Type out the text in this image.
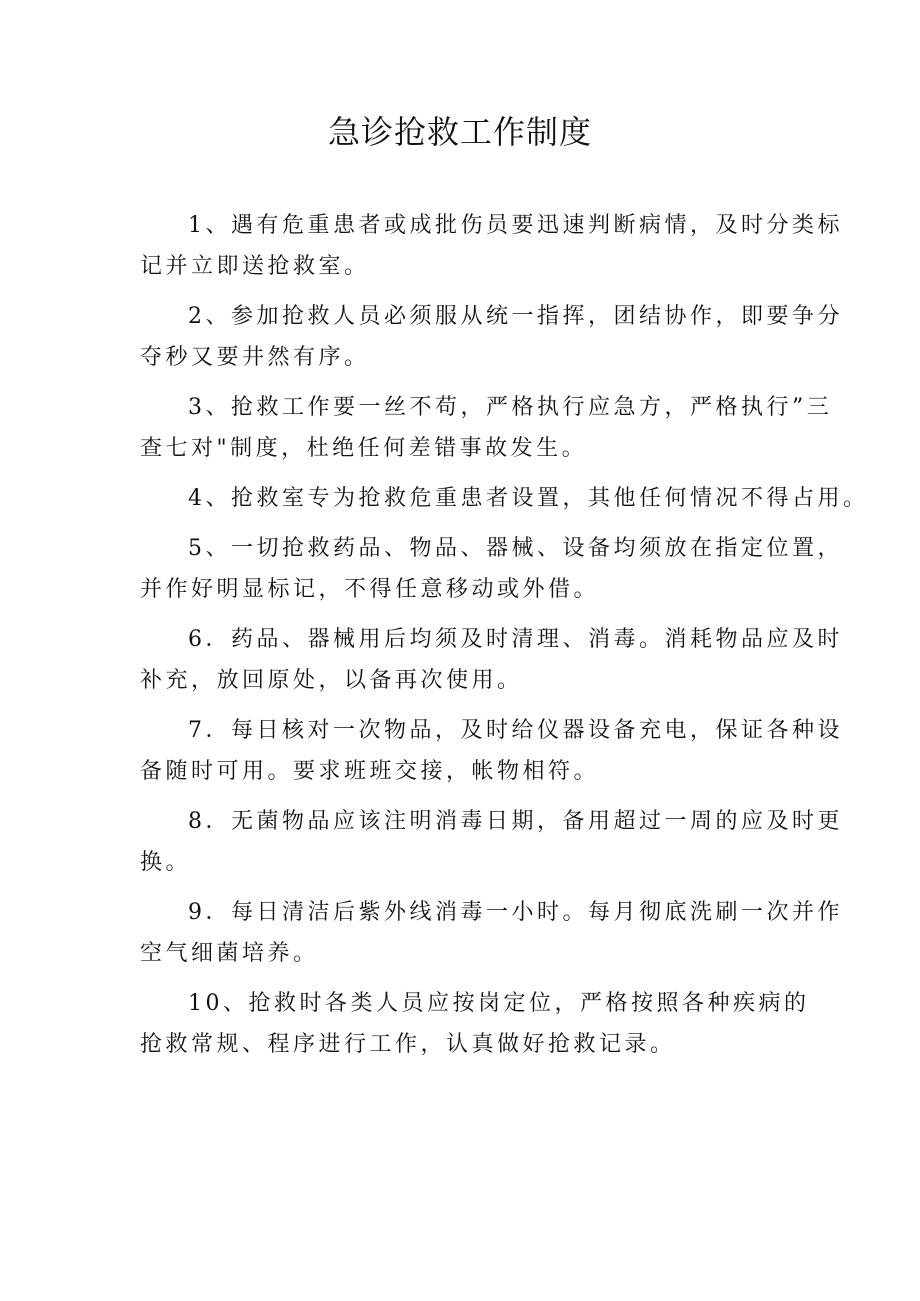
急诊抢救工作制度

1、遇有危重患者或成批伤员要迅速判断病情，及时分类标
记并立即送抢救室。

2、参加抢救人员必须服从统一指挥，团结协作，即要争分
夺秒又要井然有序。

3、抢救工作要一丝不苟，严格执行应急方，严格执行”三
查七对"制度，杜绝任何差错事故发生。

4、抢救室专为抢救危重患者设置，其他任何情况不得占用。

5、一切抢救药品、物品、器械、设备均须放在指定位置，
并作好明显标记，不得任意移动或外借。

6．药品、器械用后均须及时清理、消毒。消耗物品应及时
补充，放回原处，以备再次使用。

7．每日核对一次物品，及时给仪器设备充电，保证各种设
备随时可用。要求班班交接，帐物相符。

8．无菌物品应该注明消毒日期，备用超过一周的应及时更
换。

9．每日清洁后紫外线消毒一小时。每月彻底洗刷一次并作
空气细菌培养。

10、抢救时各类人员应按岗定位，严格按照各种疾病的
抢救常规、程序进行工作，认真做好抢救记录。
